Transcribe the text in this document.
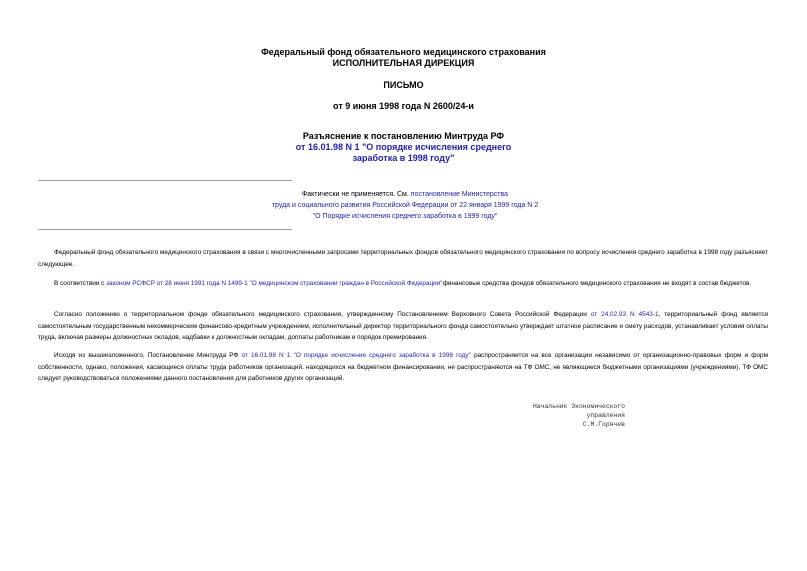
Федеральный фонд обязательного медицинского страхования
ИСПОЛНИТЕЛЬНАЯ ДИРЕКЦИЯ
ПИСЬМО
от 9 июня 1998 года N 2600/24-и
Разъяснение к постановлению Минтруда РФ
от 16.01.98 N 1 "О порядке исчисления среднего
заработка в 1998 году"
Фактически не применяется. См. постановление Министерства
труда и социального развития Российской Федерации от 22 января 1999 года N 2
"О Порядке исчисления среднего заработка в 1999 году"
Федеральный фонд обязательного медицинского страхования в связи с многочисленными запросами территориальных фондов обязательного медицинского страхования по вопросу исчисления среднего заработка в 1998 году разъясняет следующее.
В соответствии с законом РСФСР от 28 июня 1991 года N 1499-1 "О медицинском страховании граждан в Российской Федерации"финансовые средства фондов обязательного медицинского страхования не входят в состав бюджетов.
Согласно положению о территориальном фонде обязательного медицинского страхования, утвержденному Постановлением Верховного Совета Российской Федерации от 24.02.93 N 4543-1, территориальный фонд является самостоятельным государственным некоммерческим финансово-кредитным учреждением, исполнительный директор территориального фонда самостоятельно утверждает штатное расписание и смету расходов, устанавливает условия оплаты труда, включая размеры должностных окладов, надбавки к должностным окладам, доплаты работникам и порядок премирования.
Исходя из вышеизложенного, Постановление Минтруда РФ от 16.01.98 N 1 "О порядке исчисления среднего заработка в 1998 году" распространяется на все организации независимо от организационно-правовых форм и форм собственности, однако, положения, касающиеся оплаты труда работников организаций, находящихся на бюджетном финансировании, не распространяются на ТФ ОМС, не являющиеся бюджетными организациями (учреждениями). ТФ ОМС следует руководствоваться положениями данного постановления для работников других организаций.
Начальник Экономического
управления
С.М.Горячев
